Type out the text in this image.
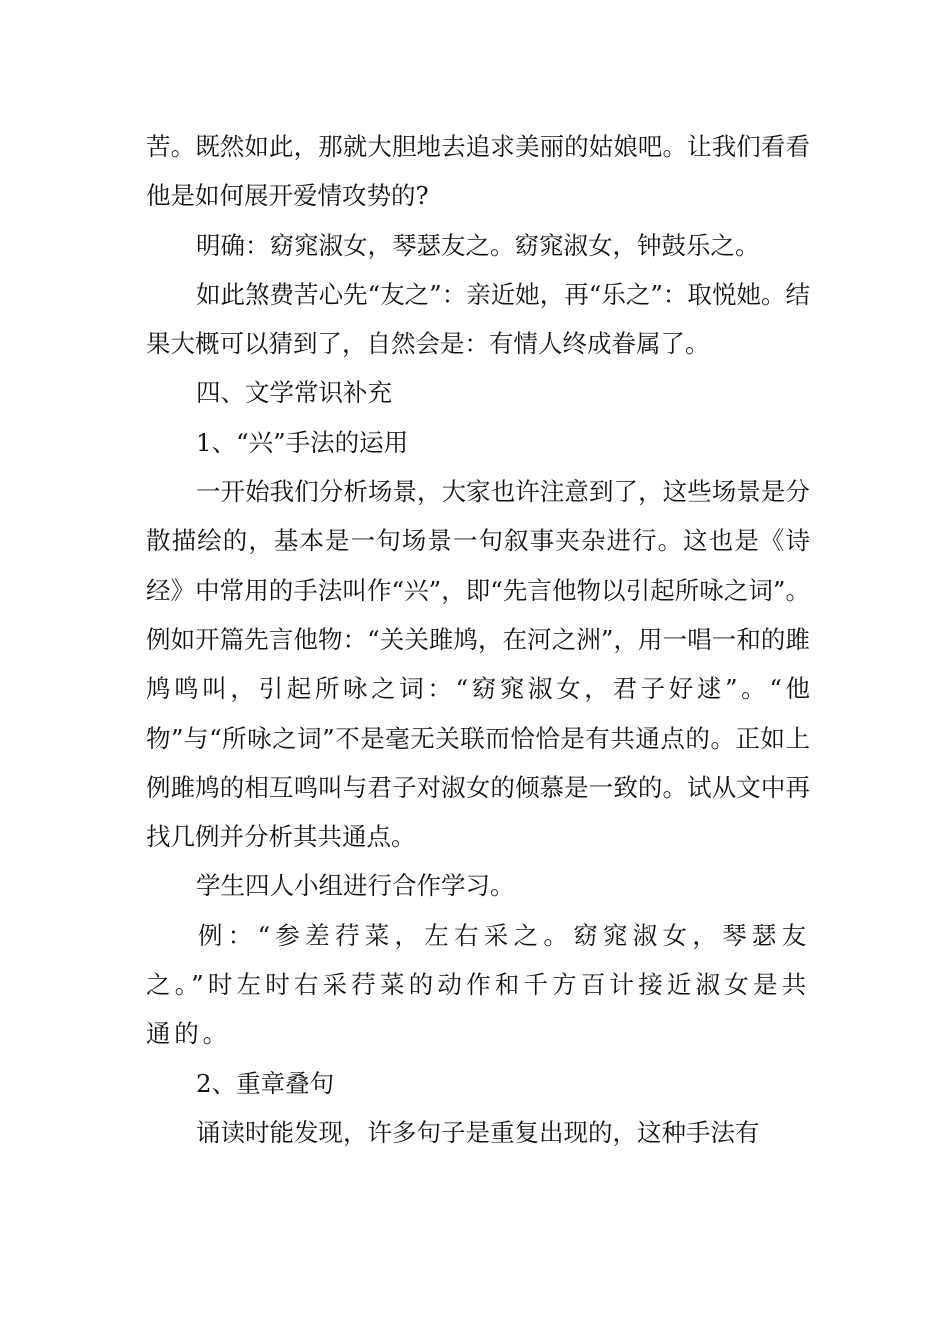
苦。既然如此，那就大胆地去追求美丽的姑娘吧。让我们看看他是如何展开爱情攻势的?

明确：窈窕淑女，琴瑟友之。窈窕淑女，钟鼓乐之。

如此煞费苦心先“友之”：亲近她，再“乐之”：取悦她。结果大概可以猜到了，自然会是：有情人终成眷属了。

四、文学常识补充

1、“兴”手法的运用

一开始我们分析场景，大家也许注意到了，这些场景是分散描绘的，基本是一句场景一句叙事夹杂进行。这也是《诗经》中常用的手法叫作“兴”，即“先言他物以引起所咏之词”。例如开篇先言他物：“关关雎鸠，在河之洲”，用一唱一和的雎鸠鸣叫，引起所咏之词：“窈窕淑女，君子好逑”。“他物”与“所咏之词”不是毫无关联而恰恰是有共通点的。正如上例雎鸠的相互鸣叫与君子对淑女的倾慕是一致的。试从文中再找几例并分析其共通点。

学生四人小组进行合作学习。

例：“参差荇菜，左右采之。窈窕淑女，琴瑟友之。”时左时右采荇菜的动作和千方百计接近淑女是共通的。

2、重章叠句

诵读时能发现，许多句子是重复出现的，这种手法有
